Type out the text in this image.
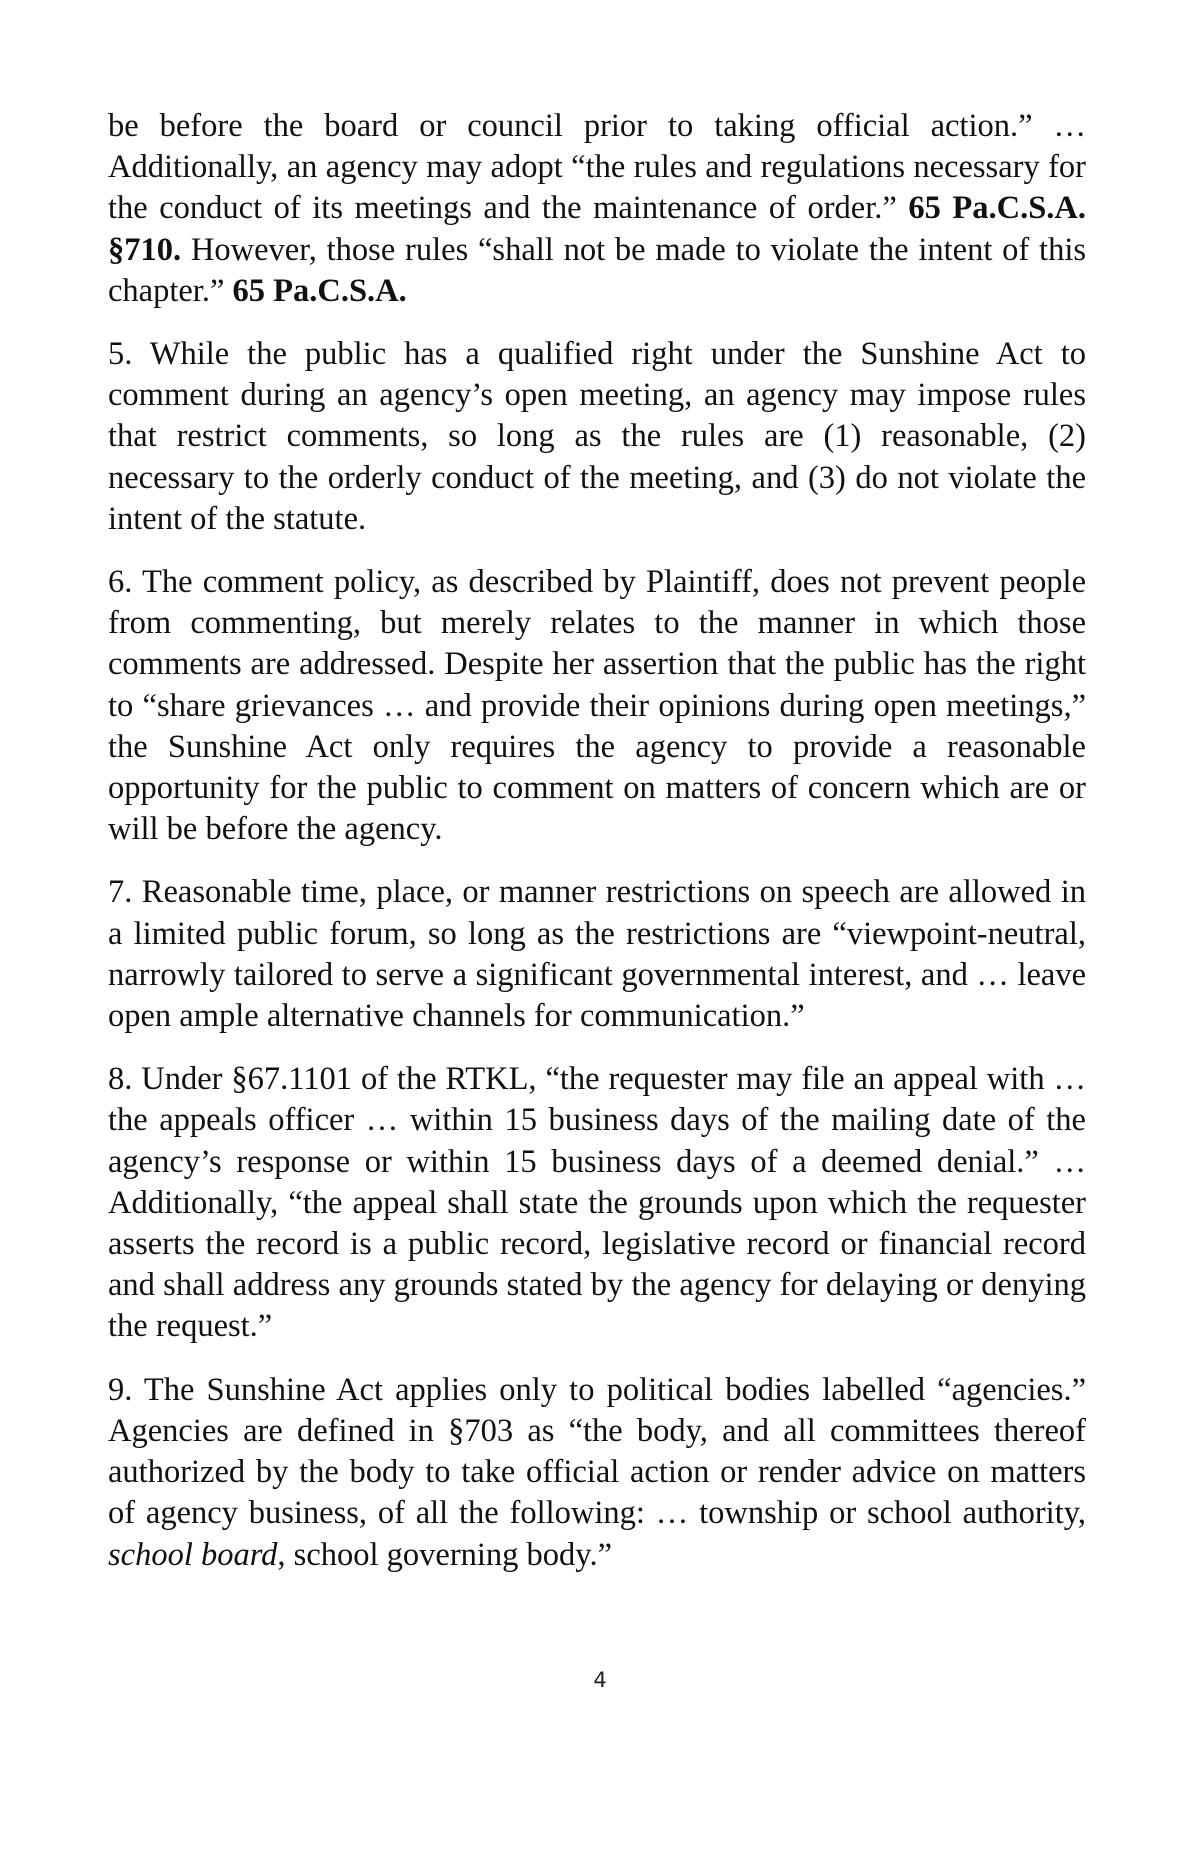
be before the board or council prior to taking official action.” …Additionally, an agency may adopt “the rules and regulations necessary for the conduct of its meetings and the maintenance of order.” 65 Pa.C.S.A. §710. However, those rules “shall not be made to violate the intent of this chapter.” 65 Pa.C.S.A.

5. While the public has a qualified right under the Sunshine Act to comment during an agency’s open meeting, an agency may impose rules that restrict comments, so long as the rules are (1) reasonable, (2) necessary to the orderly conduct of the meeting, and (3) do not violate the intent of the statute.

6. The comment policy, as described by Plaintiff, does not prevent people from commenting, but merely relates to the manner in which those comments are addressed. Despite her assertion that the public has the right to “share grievances … and provide their opinions during open meetings,” the Sunshine Act only requires the agency to provide a reasonable opportunity for the public to comment on matters of concern which are or will be before the agency.

7. Reasonable time, place, or manner restrictions on speech are allowed in a limited public forum, so long as the restrictions are “viewpoint-neutral, narrowly tailored to serve a significant governmental interest, and … leave open ample alternative channels for communication.”

8. Under §67.1101 of the RTKL, “the requester may file an appeal with … the appeals officer … within 15 business days of the mailing date of the agency’s response or within 15 business days of a deemed denial.” …Additionally, “the appeal shall state the grounds upon which the requester asserts the record is a public record, legislative record or financial record and shall address any grounds stated by the agency for delaying or denying the request.”

9. The Sunshine Act applies only to political bodies labelled “agencies.” Agencies are defined in §703 as “the body, and all committees thereof authorized by the body to take official action or render advice on matters of agency business, of all the following: … township or school authority, school board, school governing body.”

4
